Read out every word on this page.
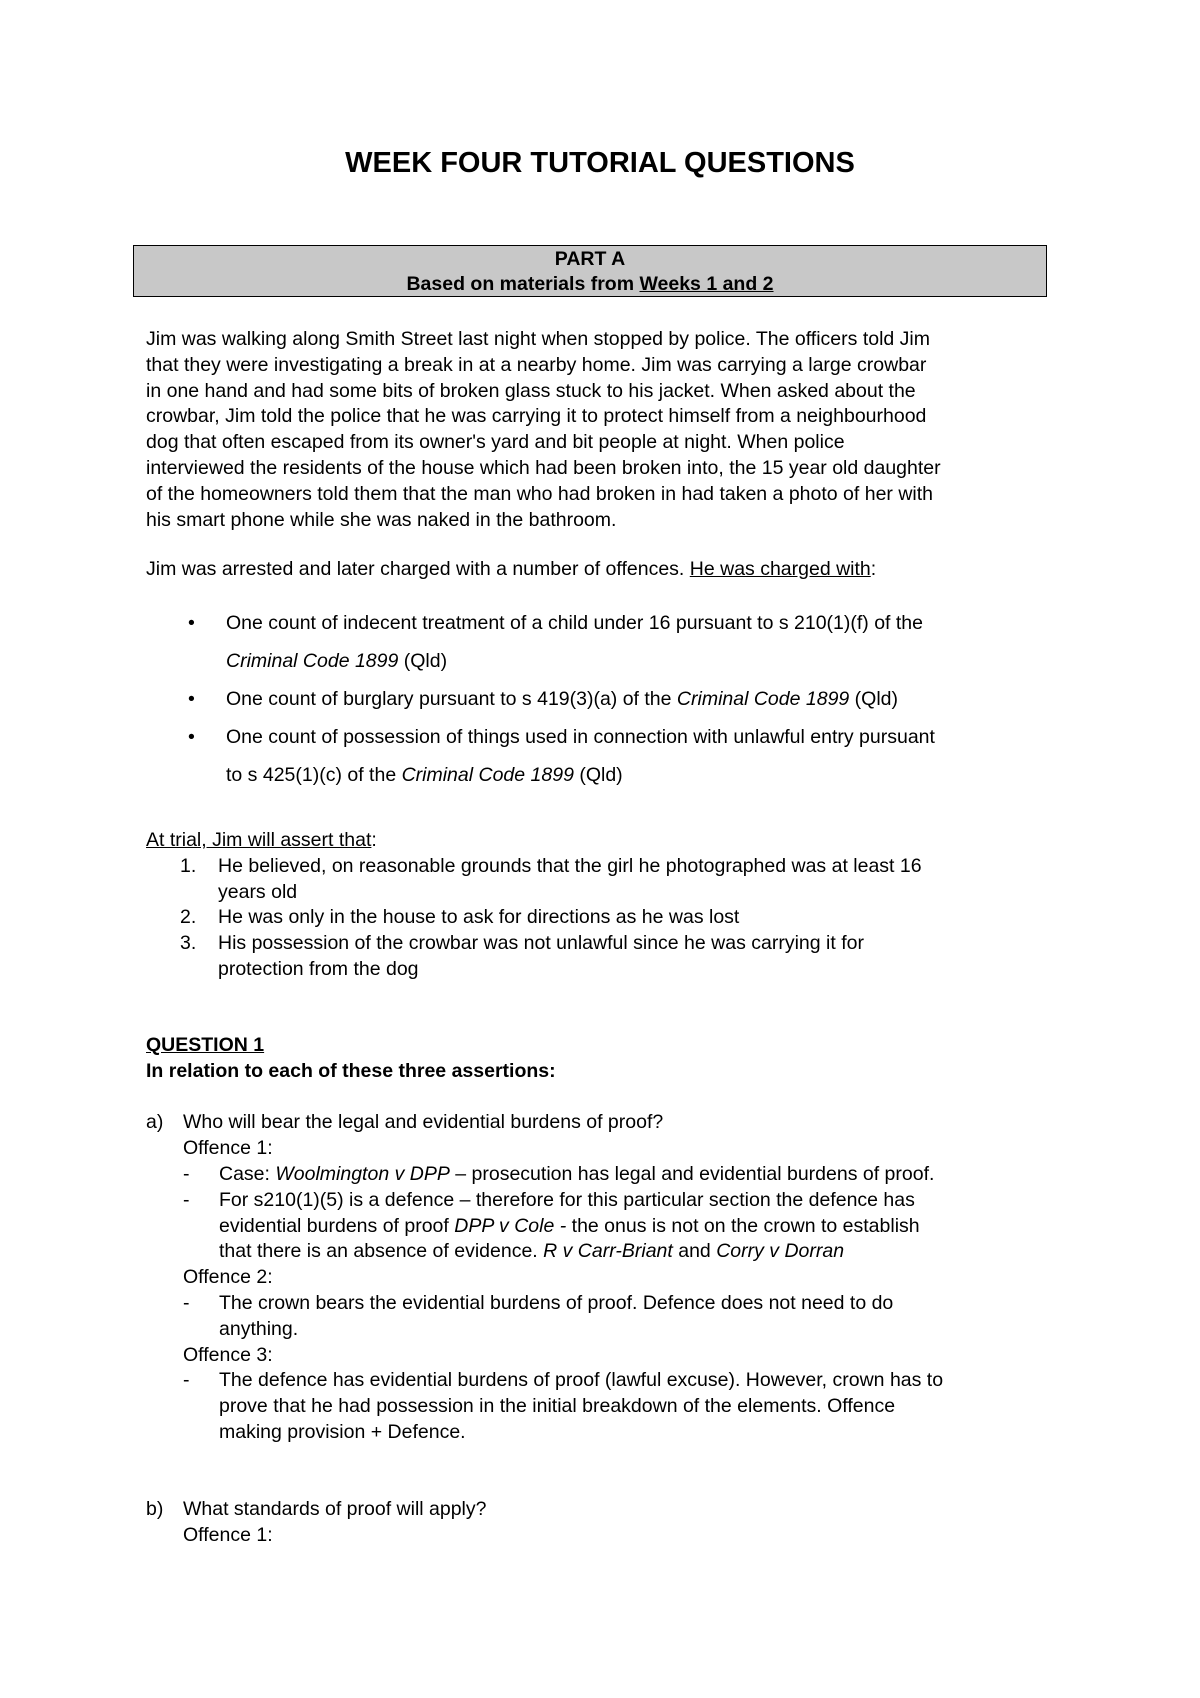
WEEK FOUR TUTORIAL QUESTIONS
PART A
Based on materials from Weeks 1 and 2

Jim was walking along Smith Street last night when stopped by police. The officers told Jim

that they were investigating a break in at a nearby home. Jim was carrying a large crowbar

in one hand and had some bits of broken glass stuck to his jacket. When asked about the

crowbar, Jim told the police that he was carrying it to protect himself from a neighbourhood

dog that often escaped from its owner's yard and bit people at night. When police

interviewed the residents of the house which had been broken into, the 15 year old daughter

of the homeowners told them that the man who had broken in had taken a photo of her with

his smart phone while she was naked in the bathroom.

Jim was arrested and later charged with a number of offences. He was charged with:

• One count of indecent treatment of a child under 16 pursuant to s 210(1)(f) of the
Criminal Code 1899 (Qld)
• One count of burglary pursuant to s 419(3)(a) of the Criminal Code 1899 (Qld)
• One count of possession of things used in connection with unlawful entry pursuant
to s 425(1)(c) of the Criminal Code 1899 (Qld)
At trial, Jim will assert that:
1. He believed, on reasonable grounds that the girl he photographed was at least 16
years old
2. He was only in the house to ask for directions as he was lost
3. His possession of the crowbar was not unlawful since he was carrying it for
protection from the dog
QUESTION 1
In relation to each of these three assertions:
a) Who will bear the legal and evidential burdens of proof?
Offence 1:
- Case: Woolmington v DPP – prosecution has legal and evidential burdens of proof.
- For s210(1)(5) is a defence – therefore for this particular section the defence has
evidential burdens of proof DPP v Cole - the onus is not on the crown to establish
that there is an absence of evidence. R v Carr-Briant and Corry v Dorran
Offence 2:
- The crown bears the evidential burdens of proof. Defence does not need to do
anything.
Offence 3:
- The defence has evidential burdens of proof (lawful excuse). However, crown has to
prove that he had possession in the initial breakdown of the elements. Offence
making provision + Defence.
b) What standards of proof will apply?
Offence 1:
